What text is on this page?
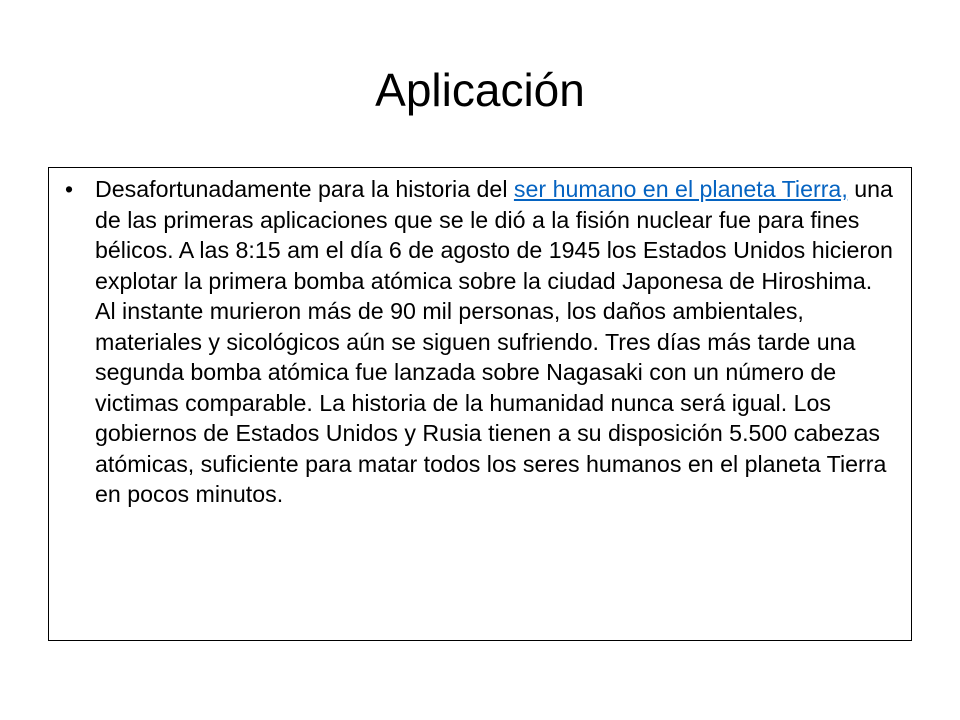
Aplicación
• Desafortunadamente para la historia del ser humano en el planeta Tierra, una de las primeras aplicaciones que se le dió a la fisión nuclear fue para fines bélicos. A las 8:15 am el día 6 de agosto de 1945 los Estados Unidos hicieron explotar la primera bomba atómica sobre la ciudad Japonesa de Hiroshima. Al instante murieron más de 90 mil personas, los daños ambientales, materiales y sicológicos aún se siguen sufriendo. Tres días más tarde una segunda bomba atómica fue lanzada sobre Nagasaki con un número de victimas comparable. La historia de la humanidad nunca será igual. Los gobiernos de Estados Unidos y Rusia tienen a su disposición 5.500 cabezas atómicas, suficiente para matar todos los seres humanos en el planeta Tierra en pocos minutos.
